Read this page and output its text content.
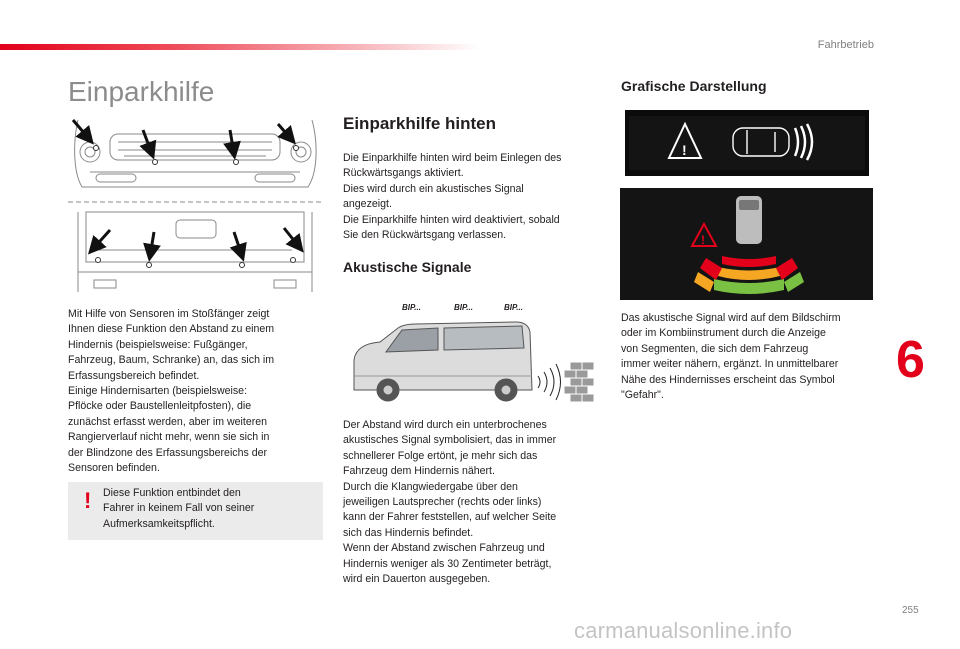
Fahrbetrieb
Einparkhilfe

Mit Hilfe von Sensoren im Stoßfänger zeigt
Ihnen diese Funktion den Abstand zu einem
Hindernis (beispielsweise: Fußgänger,
Fahrzeug, Baum, Schranke) an, das sich im
Erfassungsbereich befindet.
Einige Hindernisarten (beispielsweise:
Pflöcke oder Baustellenleitpfosten), die
zunächst erfasst werden, aber im weiteren
Rangierverlauf nicht mehr, wenn sie sich in
der Blindzone des Erfassungsbereichs der
Sensoren befinden.

! Diese Funktion entbindet den
Fahrer in keinem Fall von seiner
Aufmerksamkeitspflicht.
Einparkhilfe hinten

Die Einparkhilfe hinten wird beim Einlegen des
Rückwärtsgangs aktiviert.
Dies wird durch ein akustisches Signal
angezeigt.
Die Einparkhilfe hinten wird deaktiviert, sobald
Sie den Rückwärtsgang verlassen.

Akustische Signale
BIP...	BIP...	BIP...

Der Abstand wird durch ein unterbrochenes
akustisches Signal symbolisiert, das in immer
schnellerer Folge ertönt, je mehr sich das
Fahrzeug dem Hindernis nähert.
Durch die Klangwiedergabe über den
jeweiligen Lautsprecher (rechts oder links)
kann der Fahrer feststellen, auf welcher Seite
sich das Hindernis befindet.
Wenn der Abstand zwischen Fahrzeug und
Hindernis weniger als 30 Zentimeter beträgt,
wird ein Dauerton ausgegeben.

Grafische Darstellung
!
!

Das akustische Signal wird auf dem Bildschirm
oder im Kombiinstrument durch die Anzeige
von Segmenten, die sich dem Fahrzeug
immer weiter nähern, ergänzt. In unmittelbarer
Nähe des Hindernisses erscheint das Symbol
"Gefahr".

6
255
carmanualsonline.info
